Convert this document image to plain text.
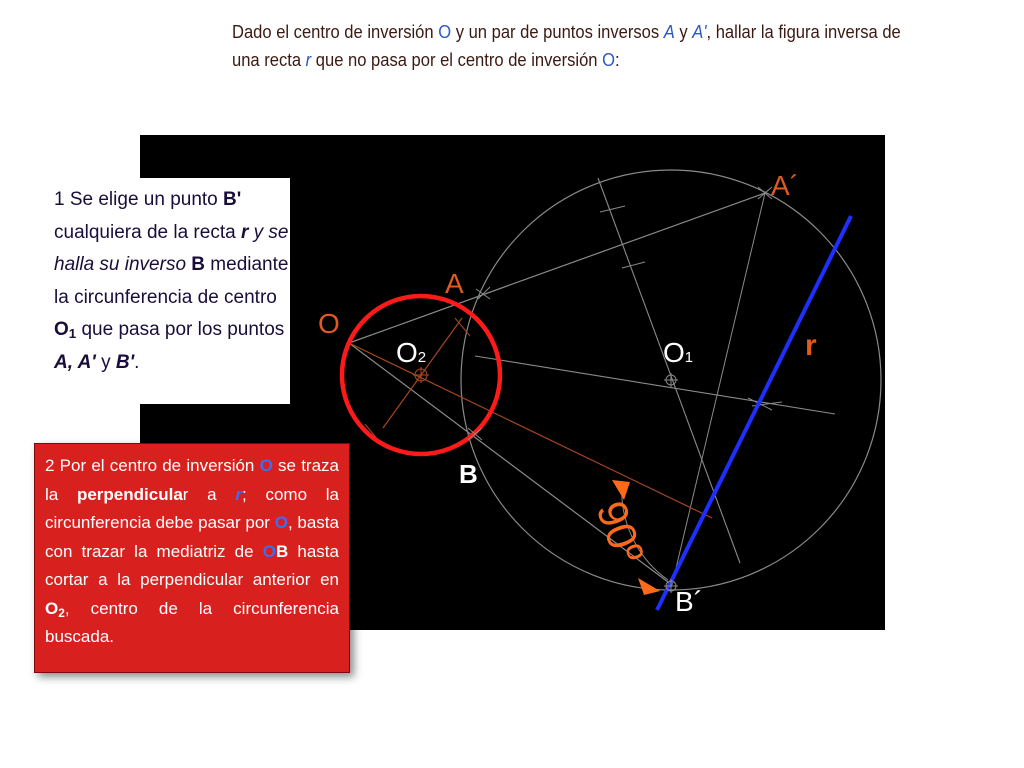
Dado el centro de inversión O y un par de puntos inversos A y A', hallar la figura inversa de una recta r que no pasa por el centro de inversión O:
A´
A
O
O2	O1	r
B
B´
90º
1 Se elige un punto B' cualquiera de la recta r y se halla su inverso B mediante la circunferencia de centro $O_1$ que pasa por los puntos A, A' y B'.
2 Por el centro de inversión O se traza la perpendicular a r; como la circunferencia debe pasar por O, basta con trazar la mediatriz de OB hasta cortar a la perpendicular anterior en $O_2$, centro de la circunferencia buscada.
